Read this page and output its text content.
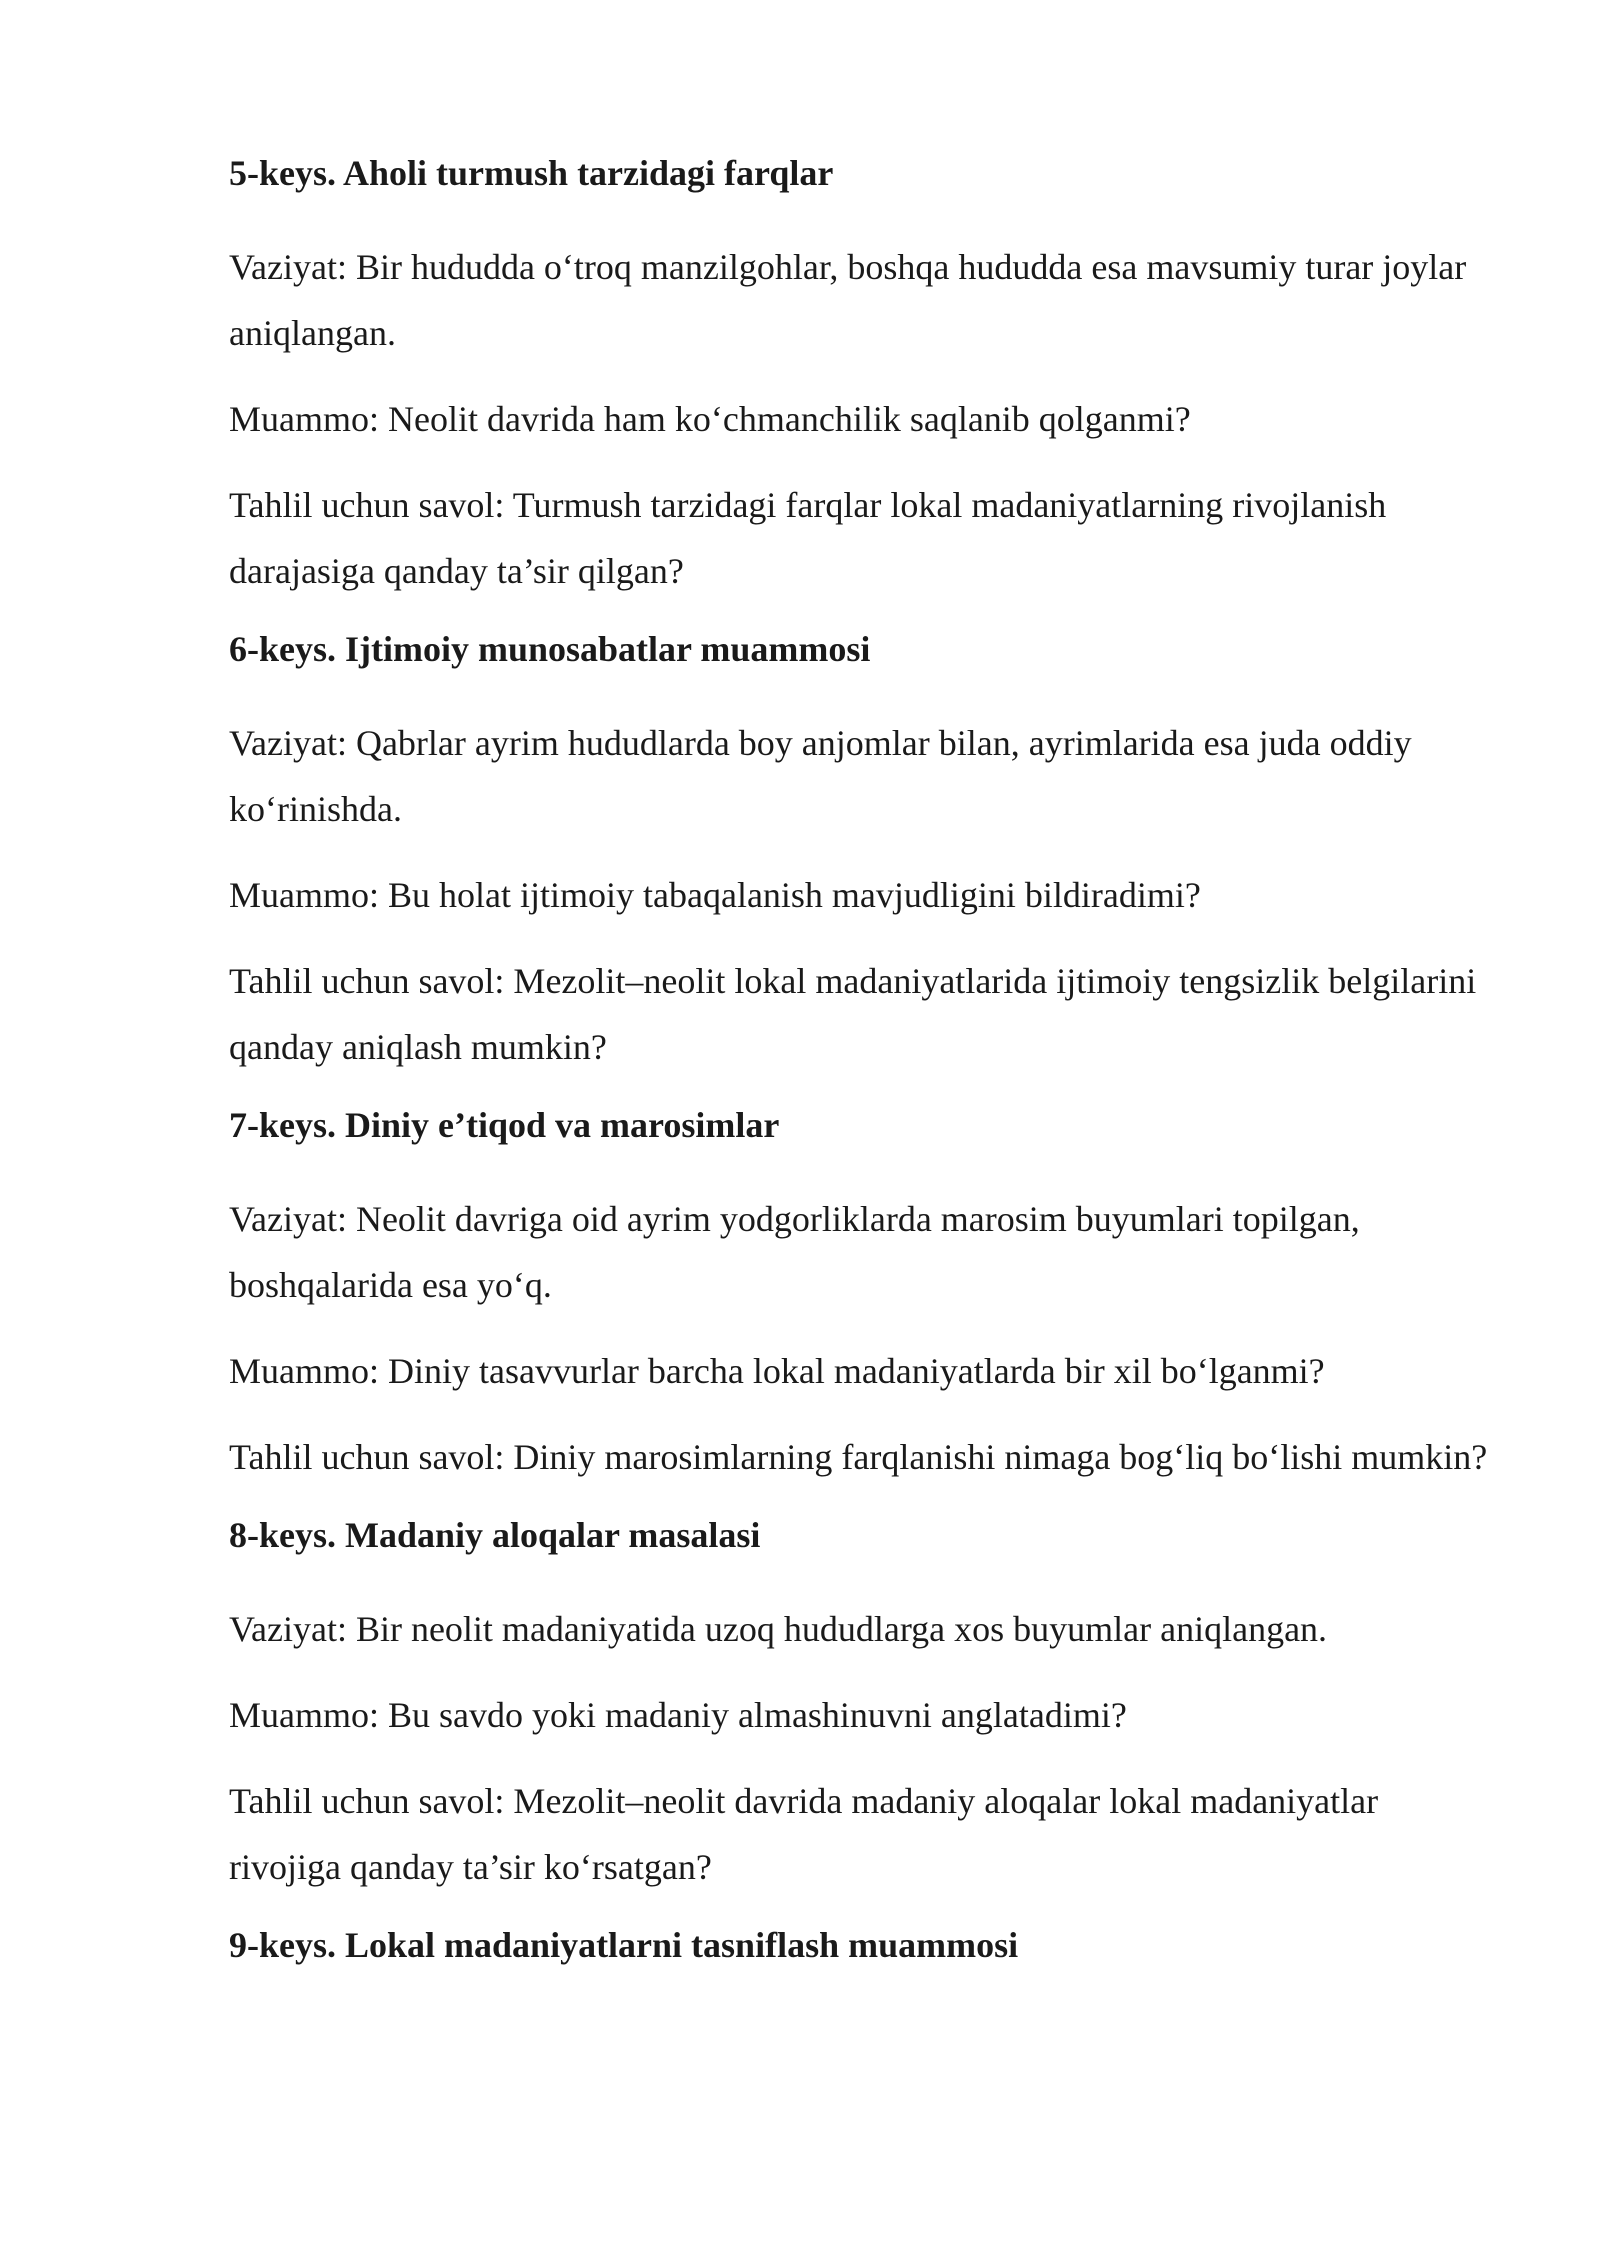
5-keys. Aholi turmush tarzidagi farqlar

Vaziyat: Bir hududda o‘troq manzilgohlar, boshqa hududda esa mavsumiy turar joylar aniqlangan.

Muammo: Neolit davrida ham ko‘chmanchilik saqlanib qolganmi?

Tahlil uchun savol: Turmush tarzidagi farqlar lokal madaniyatlarning rivojlanish darajasiga qanday ta’sir qilgan?

6-keys. Ijtimoiy munosabatlar muammosi

Vaziyat: Qabrlar ayrim hududlarda boy anjomlar bilan, ayrimlarida esa juda oddiy ko‘rinishda.

Muammo: Bu holat ijtimoiy tabaqalanish mavjudligini bildiradimi?

Tahlil uchun savol: Mezolit–neolit lokal madaniyatlarida ijtimoiy tengsizlik belgilarini qanday aniqlash mumkin?

7-keys. Diniy e’tiqod va marosimlar

Vaziyat: Neolit davriga oid ayrim yodgorliklarda marosim buyumlari topilgan, boshqalarida esa yo‘q.

Muammo: Diniy tasavvurlar barcha lokal madaniyatlarda bir xil bo‘lganmi?

Tahlil uchun savol: Diniy marosimlarning farqlanishi nimaga bog‘liq bo‘lishi mumkin?

8-keys. Madaniy aloqalar masalasi

Vaziyat: Bir neolit madaniyatida uzoq hududlarga xos buyumlar aniqlangan.

Muammo: Bu savdo yoki madaniy almashinuvni anglatadimi?

Tahlil uchun savol: Mezolit–neolit davrida madaniy aloqalar lokal madaniyatlar rivojiga qanday ta’sir ko‘rsatgan?

9-keys. Lokal madaniyatlarni tasniflash muammosi
